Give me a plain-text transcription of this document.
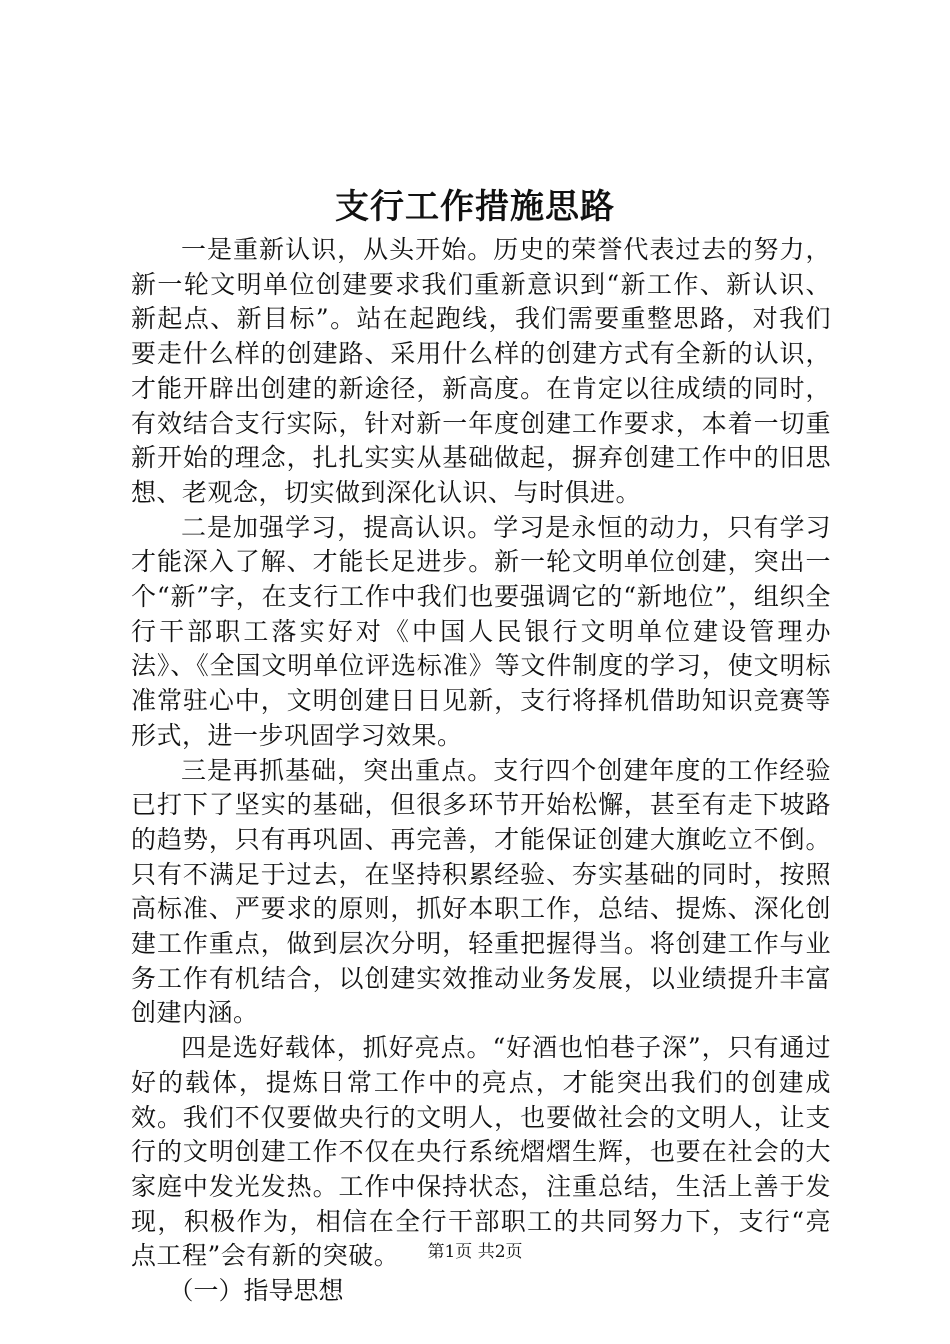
支行工作措施思路

一是重新认识，从头开始。历史的荣誉代表过去的努力，新一轮文明单位创建要求我们重新意识到“新工作、新认识、新起点、新目标”。站在起跑线，我们需要重整思路，对我们要走什么样的创建路、采用什么样的创建方式有全新的认识，才能开辟出创建的新途径，新高度。在肯定以往成绩的同时，有效结合支行实际，针对新一年度创建工作要求，本着一切重新开始的理念，扎扎实实从基础做起，摒弃创建工作中的旧思想、老观念，切实做到深化认识、与时俱进。

二是加强学习，提高认识。学习是永恒的动力，只有学习才能深入了解、才能长足进步。新一轮文明单位创建，突出一个“新”字，在支行工作中我们也要强调它的“新地位”，组织全行干部职工落实好对《中国人民银行文明单位建设管理办法》、《全国文明单位评选标准》等文件制度的学习，使文明标准常驻心中，文明创建日日见新，支行将择机借助知识竞赛等形式，进一步巩固学习效果。

三是再抓基础，突出重点。支行四个创建年度的工作经验已打下了坚实的基础，但很多环节开始松懈，甚至有走下坡路的趋势，只有再巩固、再完善，才能保证创建大旗屹立不倒。只有不满足于过去，在坚持积累经验、夯实基础的同时，按照高标准、严要求的原则，抓好本职工作，总结、提炼、深化创建工作重点，做到层次分明，轻重把握得当。将创建工作与业务工作有机结合，以创建实效推动业务发展，以业绩提升丰富创建内涵。

四是选好载体，抓好亮点。“好酒也怕巷子深”，只有通过好的载体，提炼日常工作中的亮点，才能突出我们的创建成效。我们不仅要做央行的文明人，也要做社会的文明人，让支行的文明创建工作不仅在央行系统熠熠生辉，也要在社会的大家庭中发光发热。工作中保持状态，注重总结，生活上善于发现，积极作为，相信在全行干部职工的共同努力下，支行“亮点工程”会有新的突破。

（一）指导思想

第1页 共2页
